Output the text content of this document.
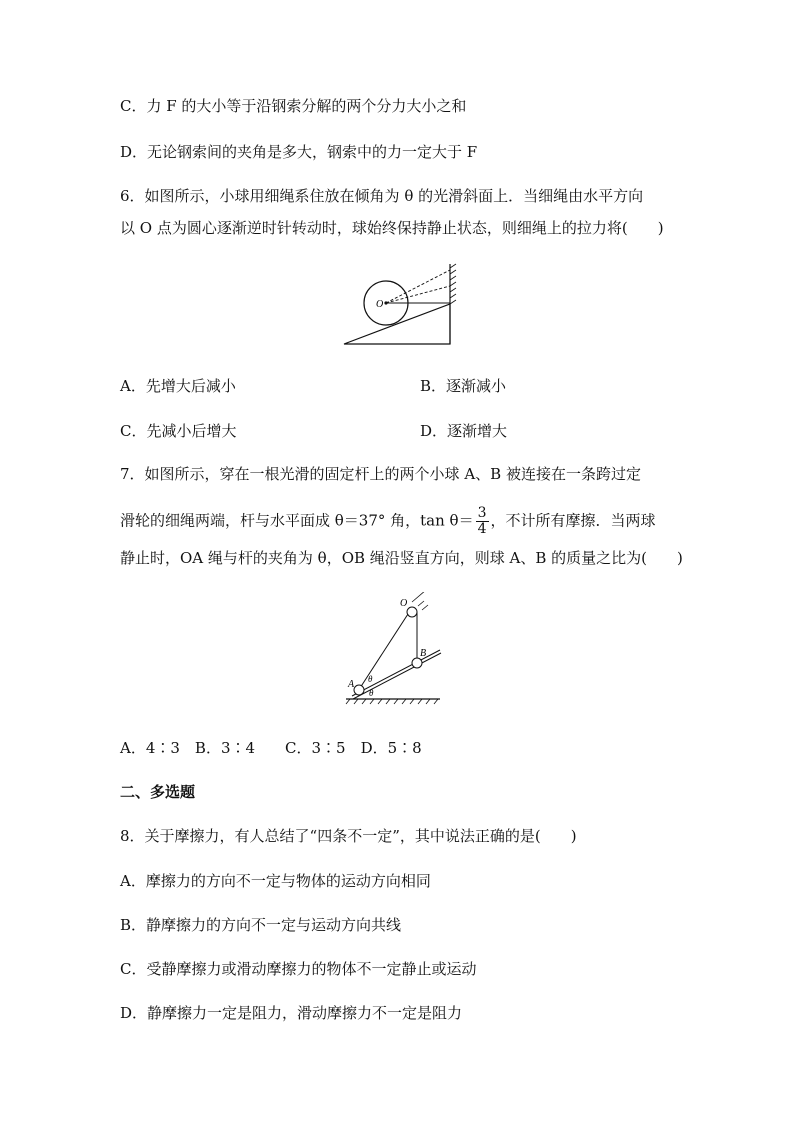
C．力 F 的大小等于沿钢索分解的两个分力大小之和

D．无论钢索间的夹角是多大，钢索中的力一定大于 F

6．如图所示，小球用细绳系住放在倾角为 θ 的光滑斜面上．当细绳由水平方向

以 O 点为圆心逐渐逆时针转动时，球始终保持静止状态，则细绳上的拉力将(　　)

O

A．先增大后减小	B．逐渐减小

C．先减小后增大	D．逐渐增大

7．如图所示，穿在一根光滑的固定杆上的两个小球 A、B 被连接在一条跨过定

滑轮的细绳两端，杆与水平面成 θ＝37° 角，$\tan \theta= \frac{3}{4}$ ，不计所有摩擦．当两球

静止时，OA 绳与杆的夹角为 θ，OB 绳沿竖直方向，则球 A、B 的质量之比为(　　)

O
A
B
θ
θ

A．4∶3　B．3∶4　　C．3∶5　D．5∶8

二、多选题

8．关于摩擦力，有人总结了“四条不一定”，其中说法正确的是(　　)

A．摩擦力的方向不一定与物体的运动方向相同

B．静摩擦力的方向不一定与运动方向共线

C．受静摩擦力或滑动摩擦力的物体不一定静止或运动

D．静摩擦力一定是阻力，滑动摩擦力不一定是阻力
